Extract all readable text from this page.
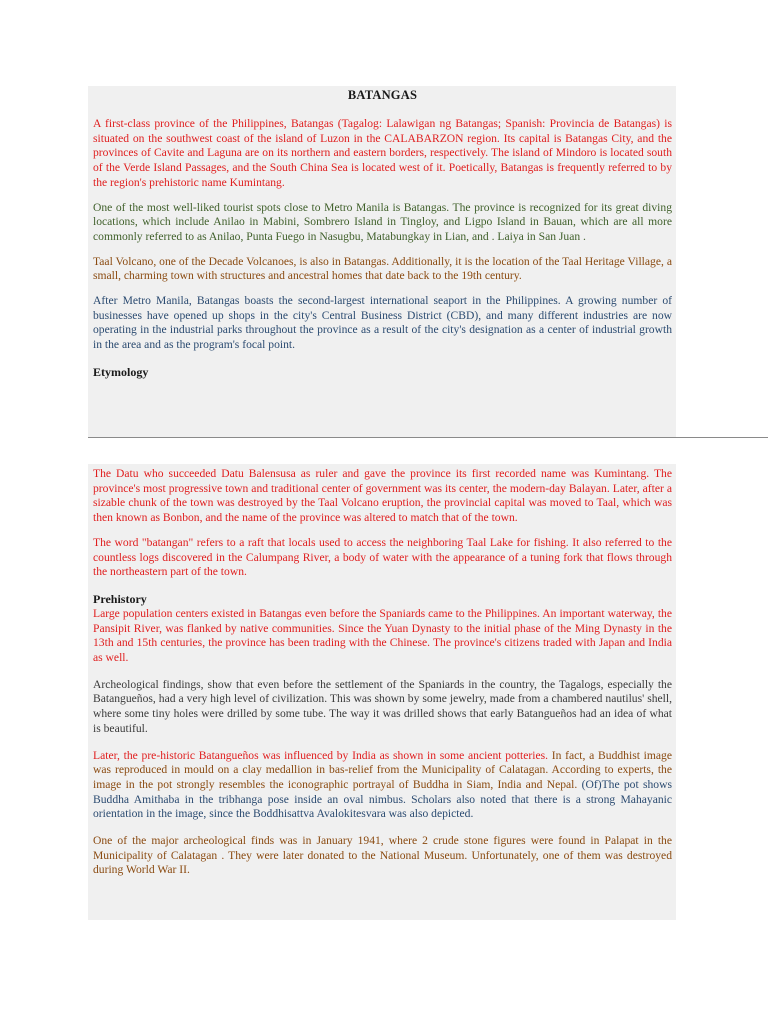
BATANGAS

A first-class province of the Philippines, Batangas (Tagalog: Lalawigan ng Batangas; Spanish: Provincia de Batangas) is situated on the southwest coast of the island of Luzon in the CALABARZON region. Its capital is Batangas City, and the provinces of Cavite and Laguna are on its northern and eastern borders, respectively. The island of Mindoro is located south of the Verde Island Passages, and the South China Sea is located west of it. Poetically, Batangas is frequently referred to by the region's prehistoric name Kumintang.

One of the most well-liked tourist spots close to Metro Manila is Batangas. The province is recognized for its great diving locations, which include Anilao in Mabini, Sombrero Island in Tingloy, and Ligpo Island in Bauan, which are all more commonly referred to as Anilao, Punta Fuego in Nasugbu, Matabungkay in Lian, and . Laiya in San Juan .

Taal Volcano, one of the Decade Volcanoes, is also in Batangas. Additionally, it is the location of the Taal Heritage Village, a small, charming town with structures and ancestral homes that date back to the 19th century.

After Metro Manila, Batangas boasts the second-largest international seaport in the Philippines. A growing number of businesses have opened up shops in the city's Central Business District (CBD), and many different industries are now operating in the industrial parks throughout the province as a result of the city's designation as a center of industrial growth in the area and as the program's focal point.

Etymology

The Datu who succeeded Datu Balensusa as ruler and gave the province its first recorded name was Kumintang. The province's most progressive town and traditional center of government was its center, the modern-day Balayan. Later, after a sizable chunk of the town was destroyed by the Taal Volcano eruption, the provincial capital was moved to Taal, which was then known as Bonbon, and the name of the province was altered to match that of the town.

The word "batangan" refers to a raft that locals used to access the neighboring Taal Lake for fishing. It also referred to the countless logs discovered in the Calumpang River, a body of water with the appearance of a tuning fork that flows through the northeastern part of the town.

Prehistory

Large population centers existed in Batangas even before the Spaniards came to the Philippines. An important waterway, the Pansipit River, was flanked by native communities. Since the Yuan Dynasty to the initial phase of the Ming Dynasty in the 13th and 15th centuries, the province has been trading with the Chinese. The province's citizens traded with Japan and India as well.

Archeological findings, show that even before the settlement of the Spaniards in the country, the Tagalogs, especially the Batangueños, had a very high level of civilization. This was shown by some jewelry, made from a chambered nautilus' shell, where some tiny holes were drilled by some tube. The way it was drilled shows that early Batangueños had an idea of what is beautiful.

Later, the pre-historic Batangueños was influenced by India as shown in some ancient potteries. In fact, a Buddhist image was reproduced in mould on a clay medallion in bas-relief from the Municipality of Calatagan. According to experts, the image in the pot strongly resembles the iconographic portrayal of Buddha in Siam, India and Nepal. (Of)The pot shows Buddha Amithaba in the tribhanga pose inside an oval nimbus. Scholars also noted that there is a strong Mahayanic orientation in the image, since the Boddhisattva Avalokitesvara was also depicted.

One of the major archeological finds was in January 1941, where 2 crude stone figures were found in Palapat in the Municipality of Calatagan . They were later donated to the National Museum. Unfortunately, one of them was destroyed during World War II.
